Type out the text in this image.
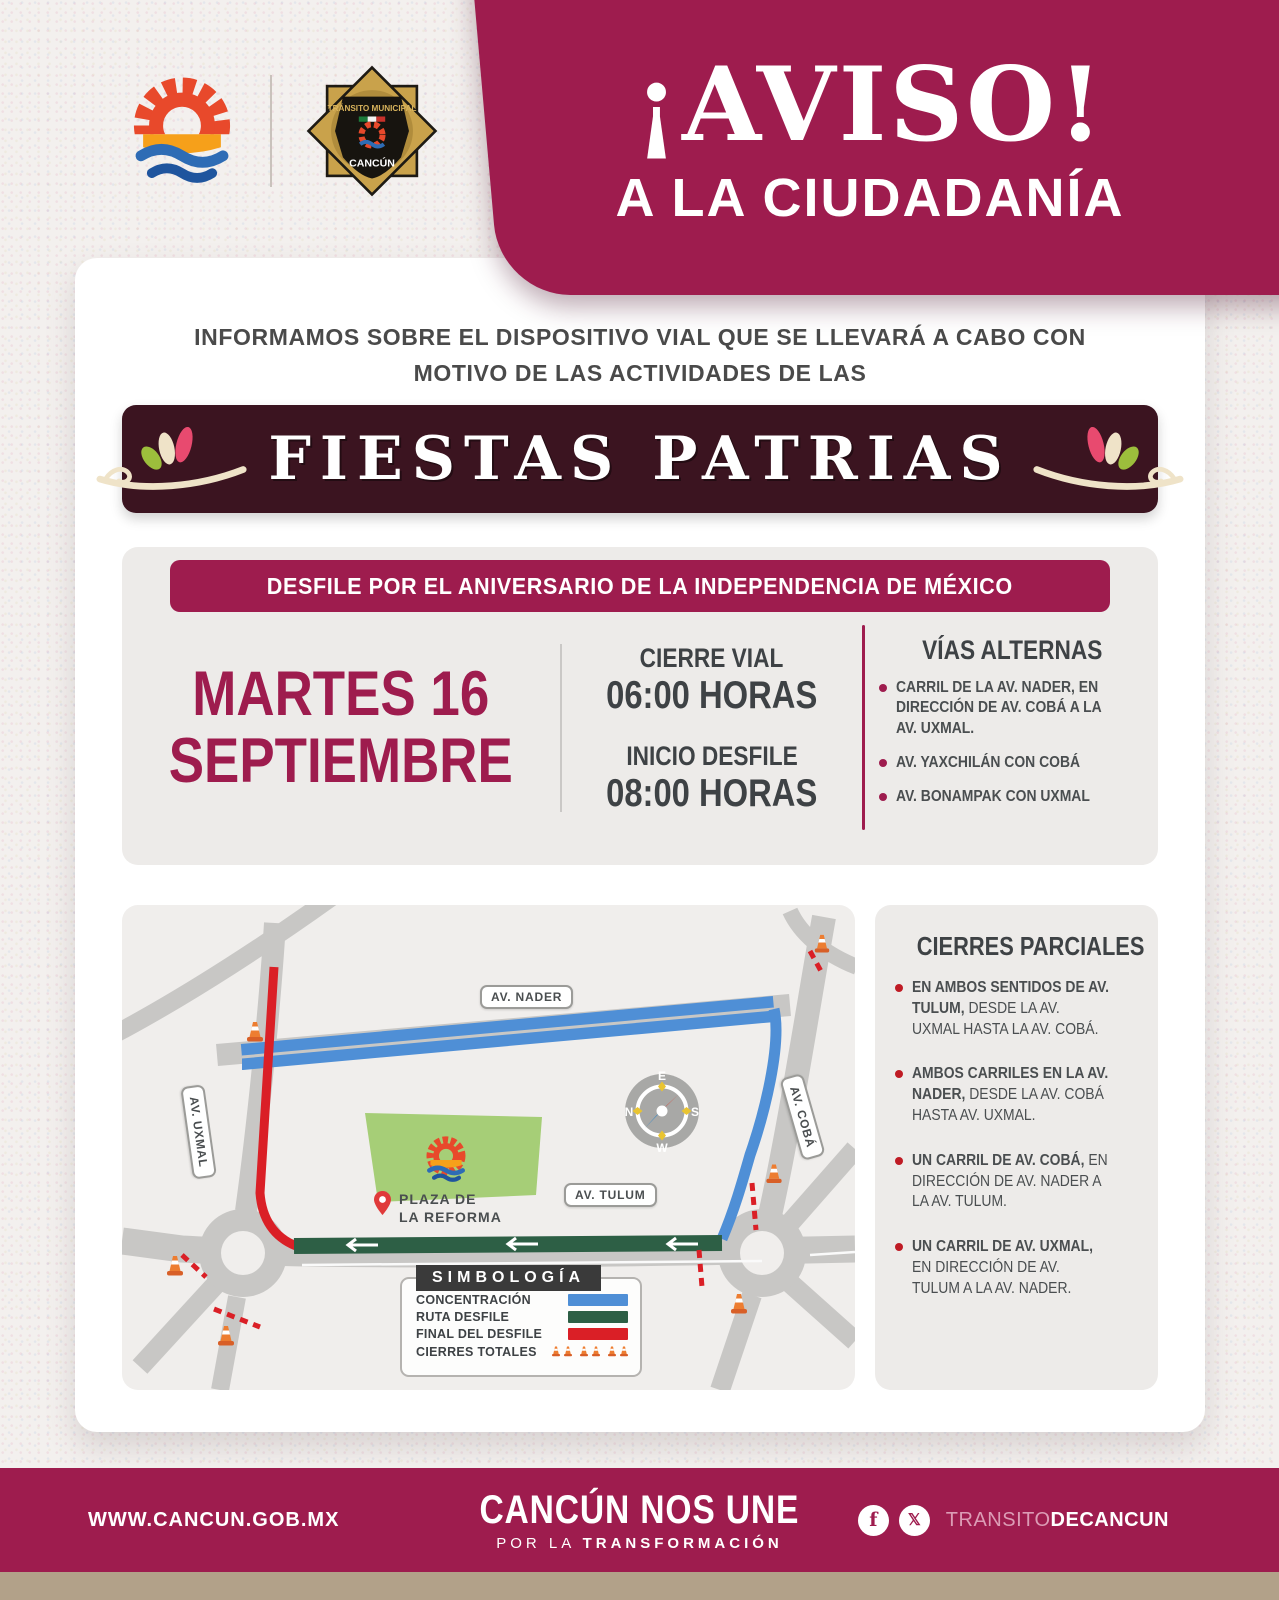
TRÁNSITO MUNICIPAL
CANCÚN	¡AVISO!
A LA CIUDADANÍA

INFORMAMOS SOBRE EL DISPOSITIVO VIAL QUE SE LLEVARÁ A CABO CON MOTIVO DE LAS ACTIVIDADES DE LAS

FIESTAS PATRIAS
DESFILE POR EL ANIVERSARIO DE LA INDEPENDENCIA DE MÉXICO
MARTES 16
SEPTIEMBRE
CIERRE VIAL
06:00 HORAS
INICIO DESFILE
08:00 HORAS
VÍAS ALTERNAS
CARRIL DE LA AV. NADER, EN DIRECCIÓN DE AV. COBÁ A LA AV. UXMAL.
AV. YAXCHILÁN CON COBÁ
AV. BONAMPAK CON UXMAL
E
S
W
N
AV. NADER
AV. UXMAL	AV. COBÁ
AV. TULUM
PLAZA DE
LA REFORMA
SIMBOLOGÍA
CONCENTRACIÓN
RUTA DESFILE
FINAL DEL DESFILE
CIERRES TOTALES
CIERRES PARCIALES
EN AMBOS SENTIDOS DE AV. TULUM, DESDE LA AV. UXMAL HASTA LA AV. COBÁ.
AMBOS CARRILES EN LA AV. NADER, DESDE LA AV. COBÁ HASTA AV. UXMAL.
UN CARRIL DE AV. COBÁ, EN DIRECCIÓN DE AV. NADER A LA AV. TULUM.
UN CARRIL DE AV. UXMAL, EN DIRECCIÓN DE AV. TULUM A LA AV. NADER.
WWW.CANCUN.GOB.MX	CANCÚN NOS UNE
POR LA TRANSFORMACIÓN
f 𝕏 TRANSITODECANCUN
